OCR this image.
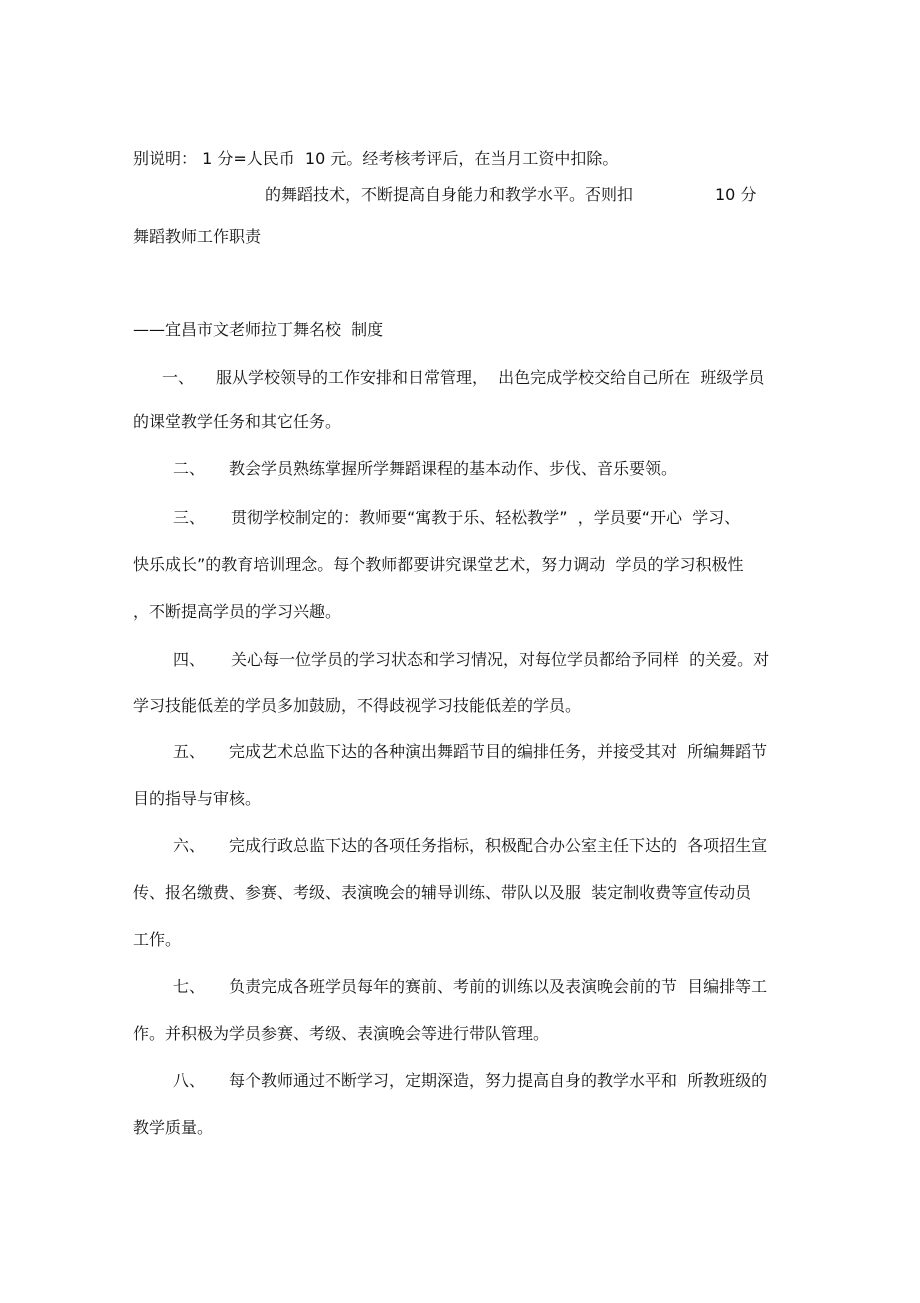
别说明： 1 分=人民币  10 元。经考核考评后，在当月工资中扣除。
的舞蹈技术，不断提高自身能力和教学水平。否则扣	10 分
舞蹈教师工作职责
——宜昌市文老师拉丁舞名校  制度
一、 服从学校领导的工作安排和日常管理，  出色完成学校交给自己所在  班级学员
的课堂教学任务和其它任务。
二、 教会学员熟练掌握所学舞蹈课程的基本动作、步伐、音乐要领。
三、 贯彻学校制定的：教师要“寓教于乐、轻松教学”  ，学员要“开心  学习、
快乐成长”的教育培训理念。每个教师都要讲究课堂艺术，努力调动  学员的学习积极性
，不断提高学员的学习兴趣。
四、 关心每一位学员的学习状态和学习情况，对每位学员都给予同样  的关爱。对
学习技能低差的学员多加鼓励，不得歧视学习技能低差的学员。
五、 完成艺术总监下达的各种演出舞蹈节目的编排任务，并接受其对  所编舞蹈节
目的指导与审核。
六、 完成行政总监下达的各项任务指标，积极配合办公室主任下达的  各项招生宣
传、报名缴费、参赛、考级、表演晚会的辅导训练、带队以及服  装定制收费等宣传动员
工作。
七、 负责完成各班学员每年的赛前、考前的训练以及表演晚会前的节  目编排等工
作。并积极为学员参赛、考级、表演晚会等进行带队管理。
八、 每个教师通过不断学习，定期深造，努力提高自身的教学水平和  所教班级的
教学质量。
